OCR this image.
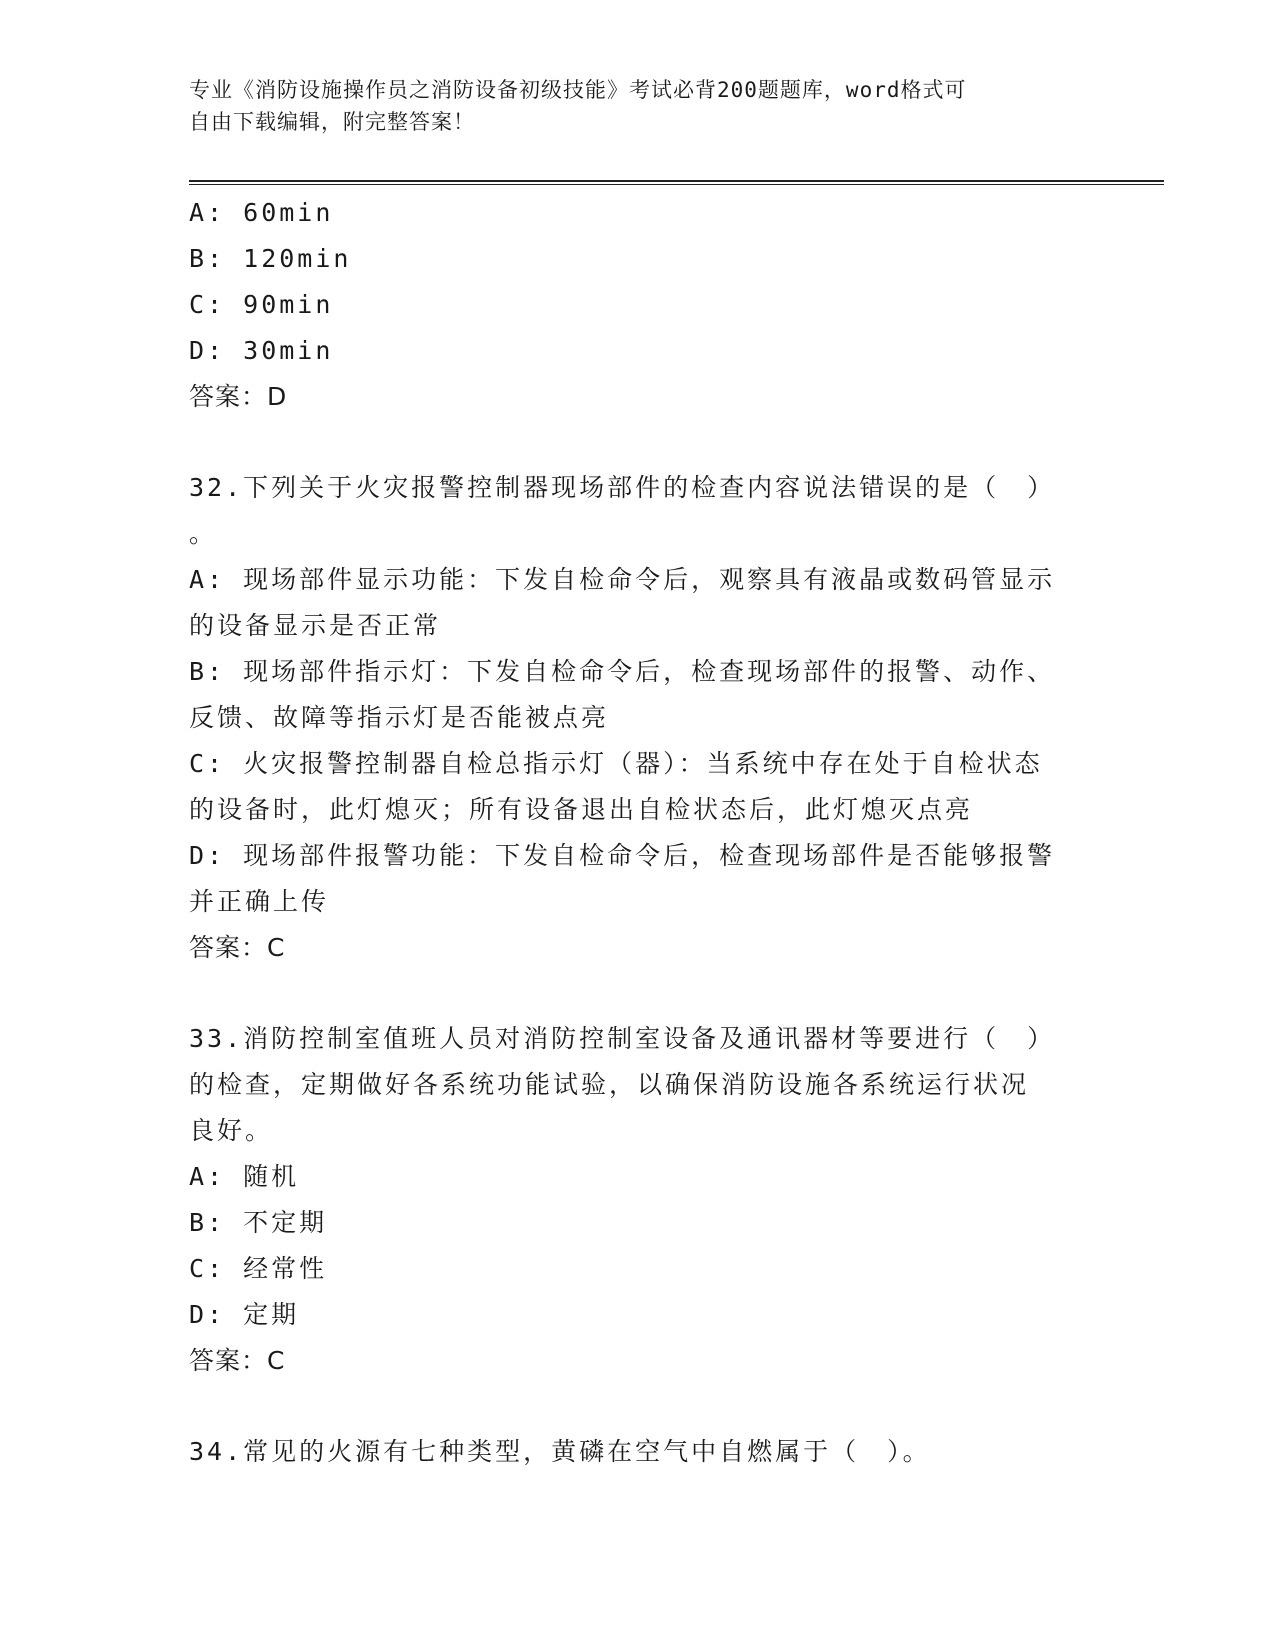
专业《消防设施操作员之消防设备初级技能》考试必背200题题库，word格式可
自由下载编辑，附完整答案！
A: 60min
B: 120min
C: 90min
D: 30min
答案：D
32.下列关于火灾报警控制器现场部件的检查内容说法错误的是（　）
。
A: 现场部件显示功能：下发自检命令后，观察具有液晶或数码管显示
的设备显示是否正常
B: 现场部件指示灯：下发自检命令后，检查现场部件的报警、动作、
反馈、故障等指示灯是否能被点亮
C: 火灾报警控制器自检总指示灯（器）：当系统中存在处于自检状态
的设备时，此灯熄灭；所有设备退出自检状态后，此灯熄灭点亮
D: 现场部件报警功能：下发自检命令后，检查现场部件是否能够报警
并正确上传
答案：C
33.消防控制室值班人员对消防控制室设备及通讯器材等要进行（　）
的检查，定期做好各系统功能试验，以确保消防设施各系统运行状况
良好。
A: 随机
B: 不定期
C: 经常性
D: 定期
答案：C
34.常见的火源有七种类型，黄磷在空气中自燃属于（　）。
